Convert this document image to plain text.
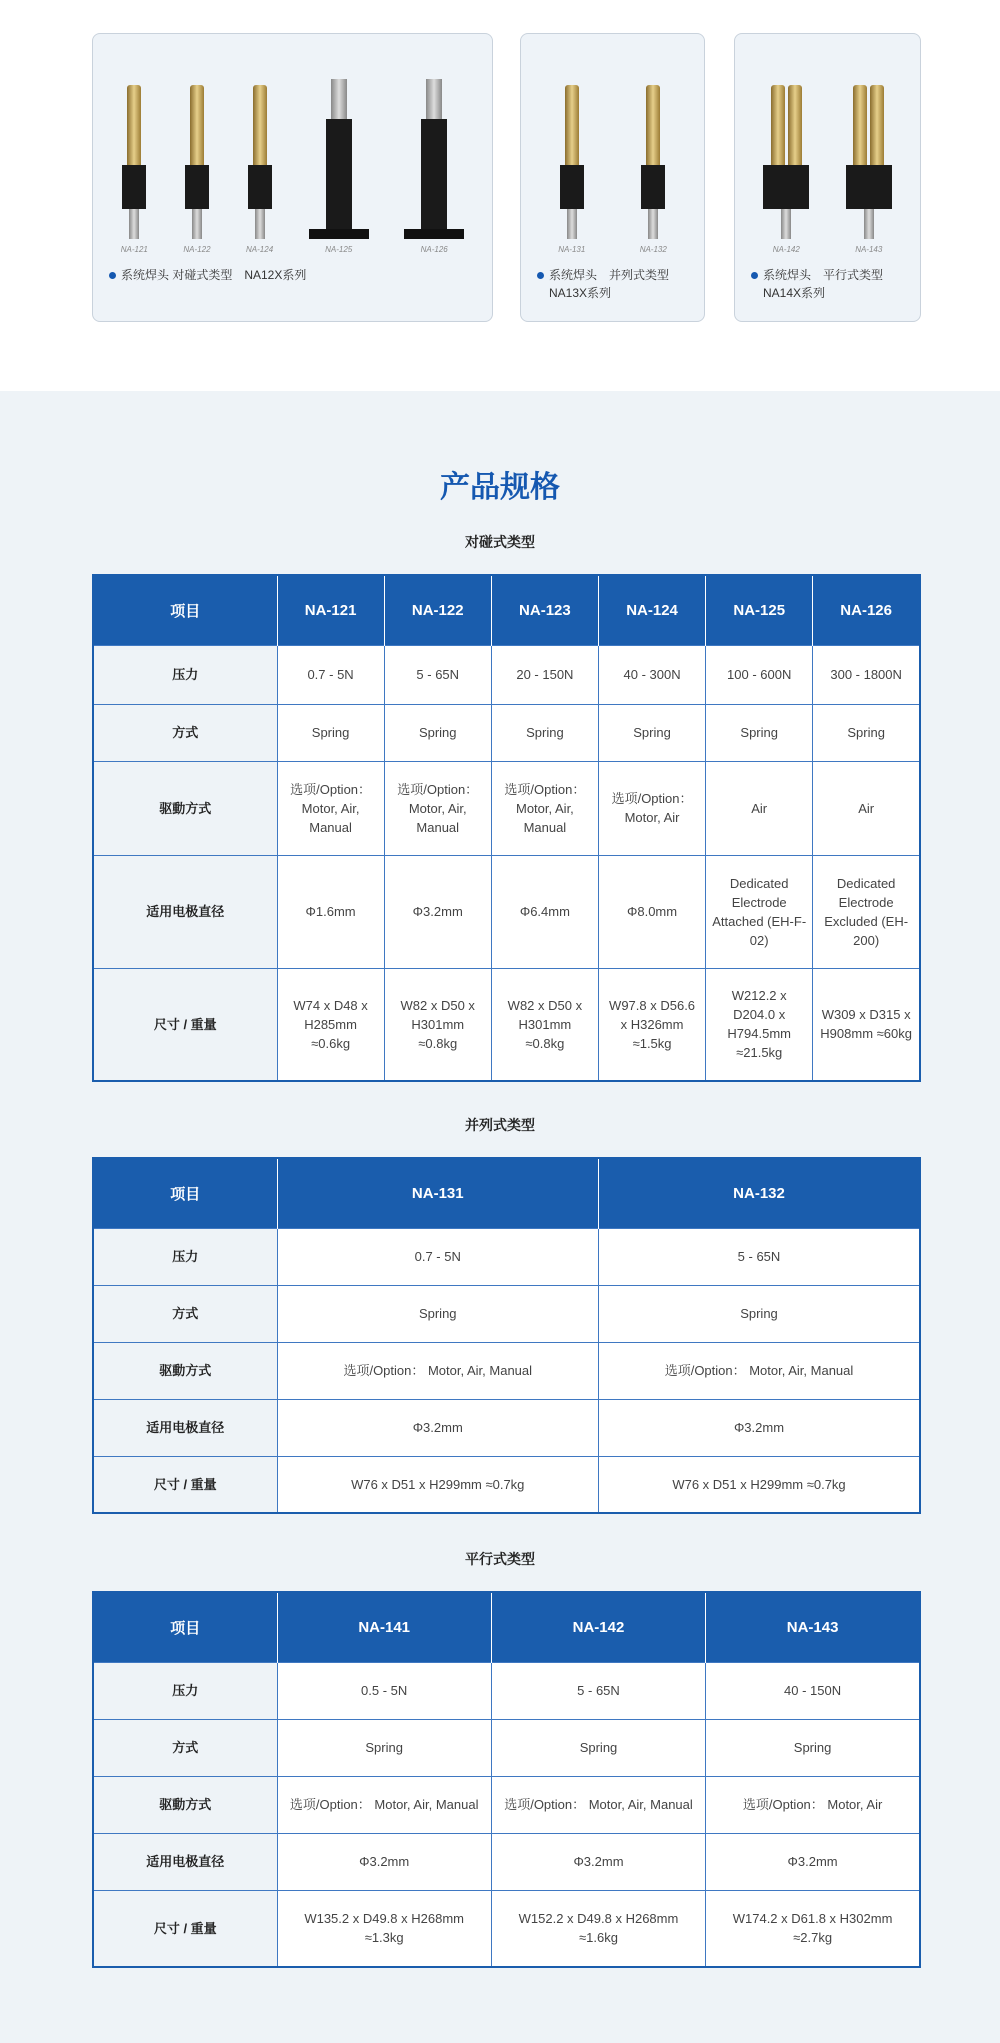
NA-121	NA-122	NA-124	NA-125	NA-126
系统焊头 对碰式类型　NA12X系列
NA-131	NA-132
系统焊头　并列式类型
NA13X系列
NA-142	NA-143
系统焊头　平行式类型
NA14X系列
产品规格
对碰式类型
项目	NA-121	NA-122	NA-123	NA-124	NA-125	NA-126
压力	0.7 - 5N	5 - 65N	20 - 150N	40 - 300N	100 - 600N	300 - 1800N
方式	Spring	Spring	Spring	Spring	Spring	Spring
驱動方式	选项/Option：Motor, Air, Manual	选项/Option：Motor, Air, Manual	选项/Option：Motor, Air, Manual	选项/Option：Motor, Air	Air	Air
适用电极直径	Φ1.6mm	Φ3.2mm	Φ6.4mm	Φ8.0mm	Dedicated Electrode Attached (EH-F-02)	Dedicated Electrode Excluded (EH-200)
尺寸 / 重量	W74 x D48 x H285mm ≈0.6kg	W82 x D50 x H301mm ≈0.8kg	W82 x D50 x H301mm ≈0.8kg	W97.8 x D56.6 x H326mm ≈1.5kg	W212.2 x D204.0 x H794.5mm ≈21.5kg	W309 x D315 x H908mm ≈60kg
并列式类型
项目	NA-131	NA-132
压力	0.7 - 5N	5 - 65N
方式	Spring	Spring
驱動方式	选项/Option： Motor, Air, Manual	选项/Option： Motor, Air, Manual
适用电极直径	Φ3.2mm	Φ3.2mm
尺寸 / 重量	W76 x D51 x H299mm ≈0.7kg	W76 x D51 x H299mm ≈0.7kg
平行式类型
项目	NA-141	NA-142	NA-143
压力	0.5 - 5N	5 - 65N	40 - 150N
方式	Spring	Spring	Spring
驱動方式	选项/Option： Motor, Air, Manual	选项/Option： Motor, Air, Manual	选项/Option： Motor, Air
适用电极直径	Φ3.2mm	Φ3.2mm	Φ3.2mm
尺寸 / 重量	W135.2 x D49.8 x H268mm ≈1.3kg	W152.2 x D49.8 x H268mm ≈1.6kg	W174.2 x D61.8 x H302mm ≈2.7kg
